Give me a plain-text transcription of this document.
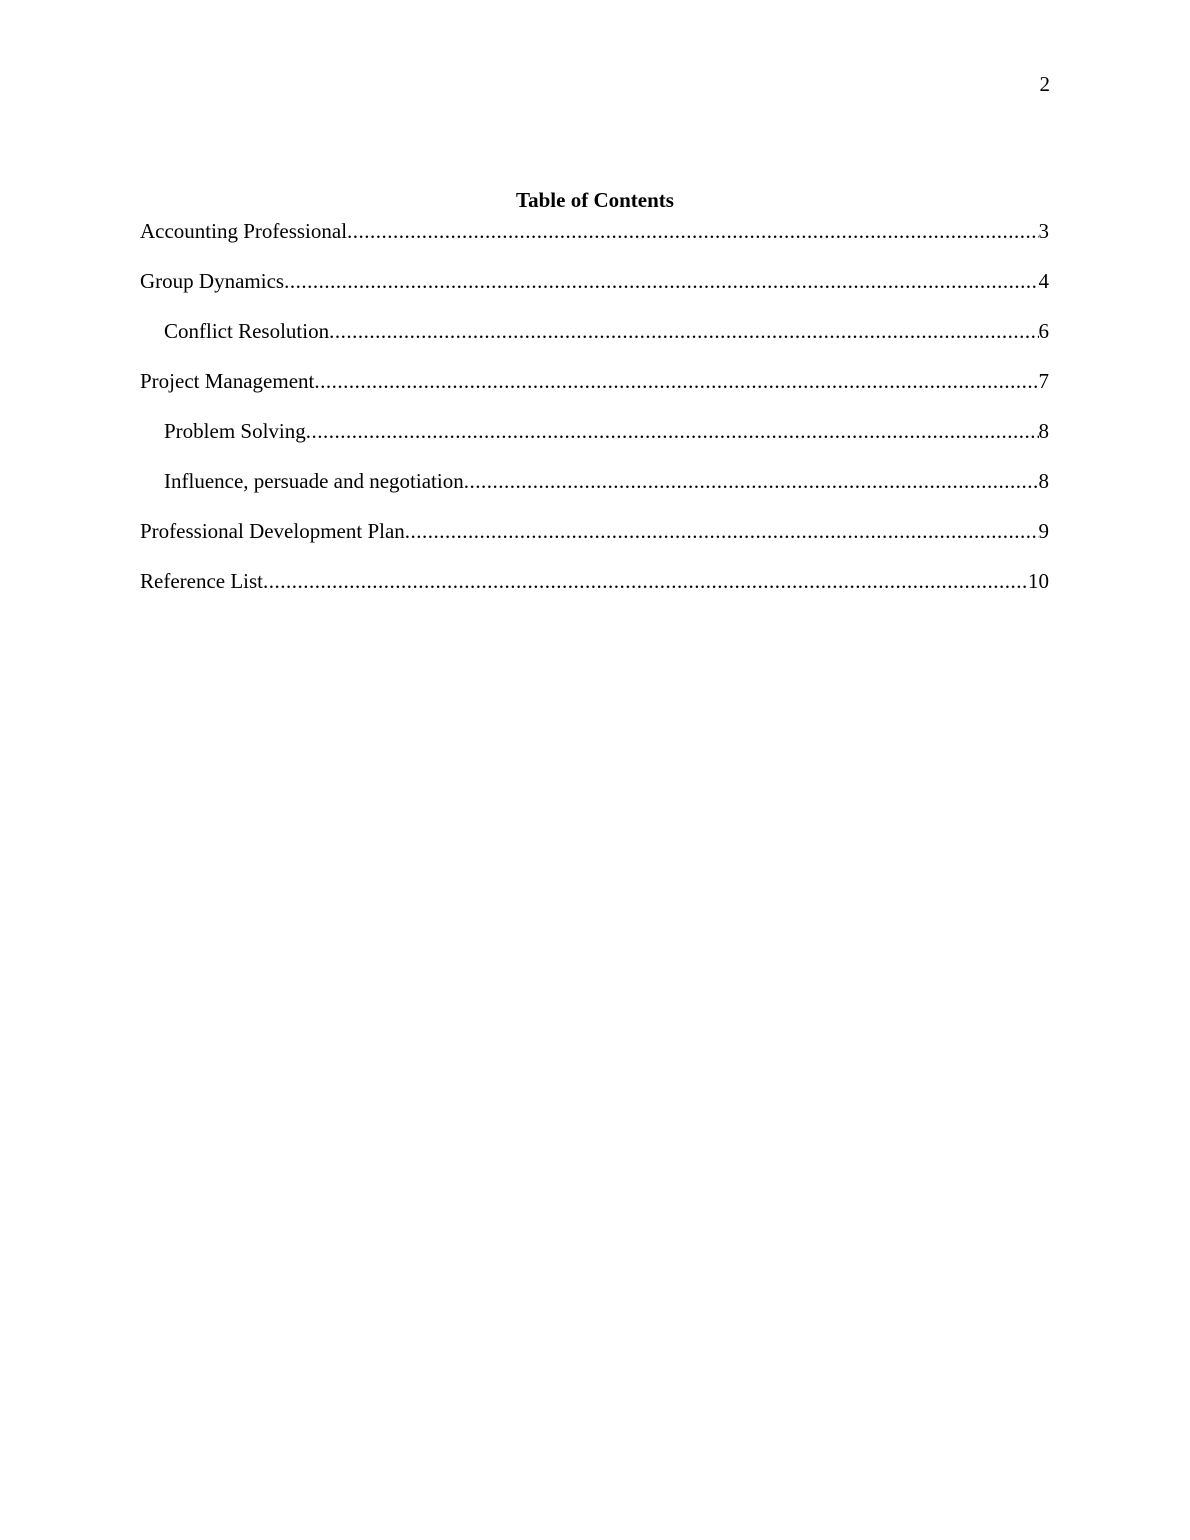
2
Table of Contents
Accounting Professional .....	3
Group Dynamics .....	4
Conflict Resolution .....	6
Project Management .....	7
Problem Solving .....	8
Influence, persuade and negotiation .....	8
Professional Development Plan .....	9
Reference List .....	10
